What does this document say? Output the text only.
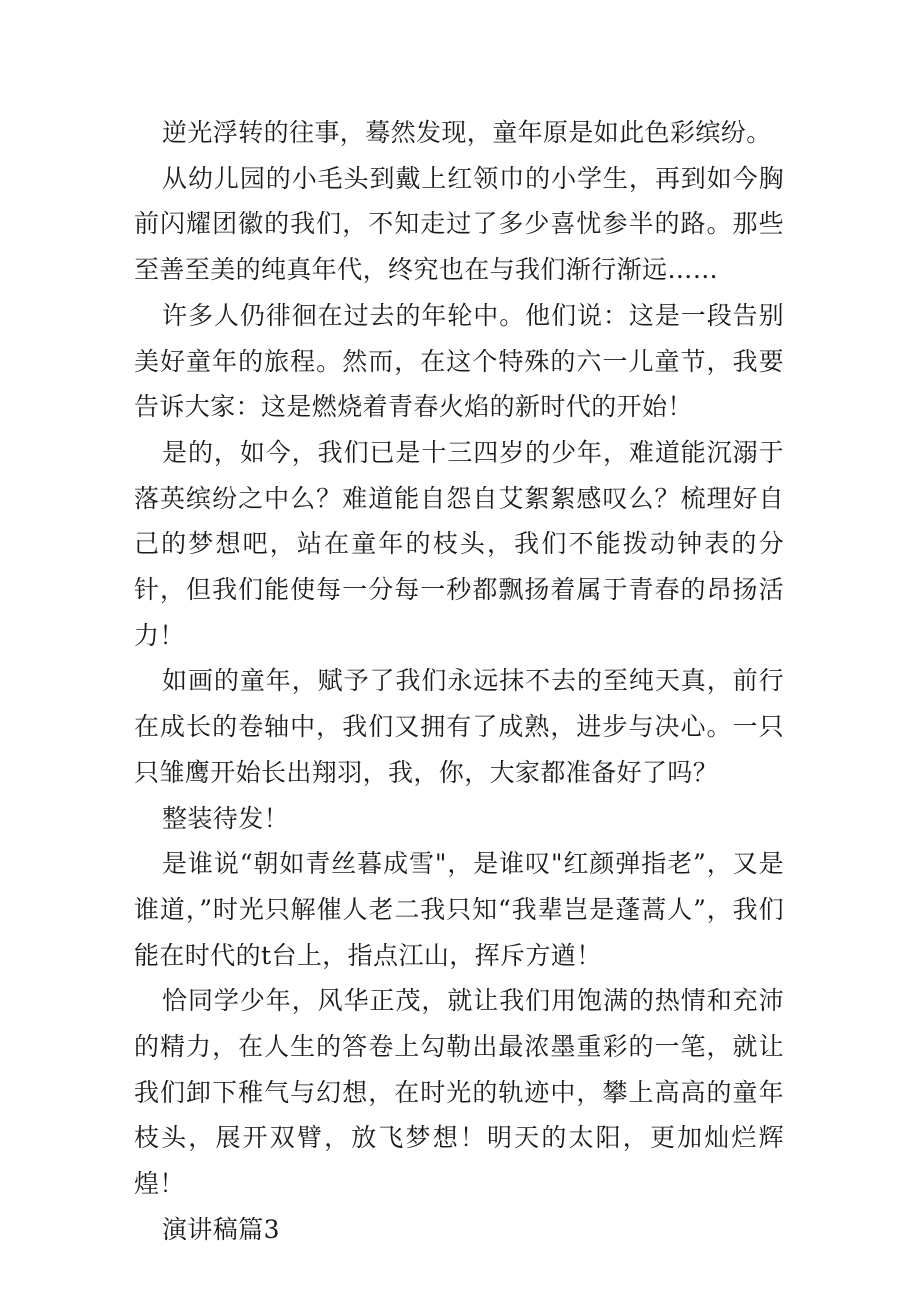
逆光浮转的往事，蓦然发现，童年原是如此色彩缤纷。

从幼儿园的小毛头到戴上红领巾的小学生，再到如今胸前闪耀团徽的我们，不知走过了多少喜忧参半的路。那些至善至美的纯真年代，终究也在与我们渐行渐远……

许多人仍徘徊在过去的年轮中。他们说：这是一段告别美好童年的旅程。然而，在这个特殊的六一儿童节，我要告诉大家：这是燃烧着青春火焰的新时代的开始！

是的，如今，我们已是十三四岁的少年，难道能沉溺于落英缤纷之中么？难道能自怨自艾絮絮感叹么？梳理好自己的梦想吧，站在童年的枝头，我们不能拨动钟表的分针，但我们能使每一分每一秒都飘扬着属于青春的昂扬活力！

如画的童年，赋予了我们永远抹不去的至纯天真，前行在成长的卷轴中，我们又拥有了成熟，进步与决心。一只只雏鹰开始长出翔羽，我，你，大家都准备好了吗？

整装待发！

是谁说“朝如青丝暮成雪"，是谁叹"红颜弹指老”，又是谁道，”时光只解催人老二我只知“我辈岂是蓬蒿人”，我们能在时代的t台上，指点江山，挥斥方遒！

恰同学少年，风华正茂，就让我们用饱满的热情和充沛的精力，在人生的答卷上勾勒出最浓墨重彩的一笔，就让我们卸下稚气与幻想，在时光的轨迹中，攀上高高的童年枝头，展开双臂，放飞梦想！明天的太阳，更加灿烂辉煌！

演讲稿篇3
